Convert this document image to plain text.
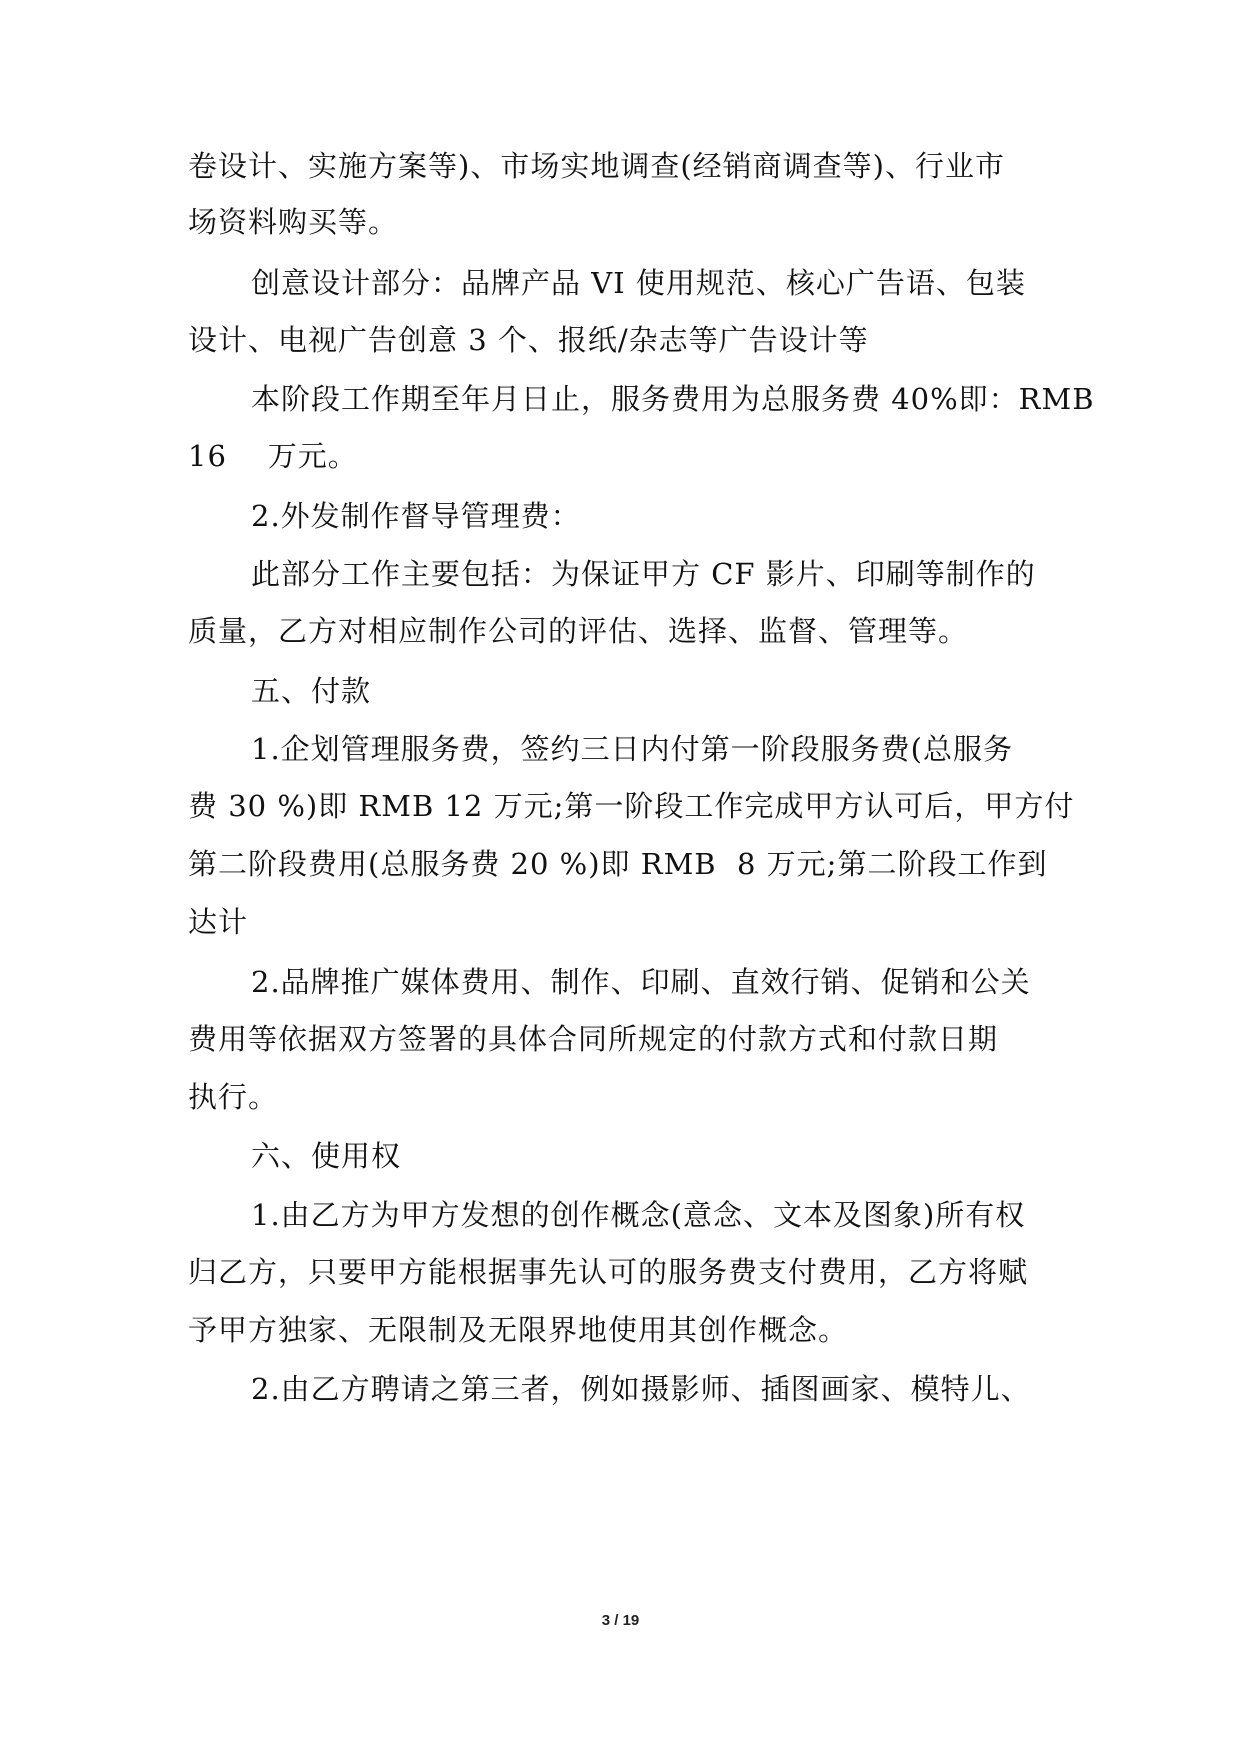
卷设计、实施方案等)、市场实地调查(经销商调查等)、行业市
场资料购买等。
创意设计部分：品牌产品 VI 使用规范、核心广告语、包装
设计、电视广告创意 3 个、报纸/杂志等广告设计等
本阶段工作期至年月日止，服务费用为总服务费 40%即：RMB
16    万元。
2.外发制作督导管理费：
此部分工作主要包括：为保证甲方 CF 影片、印刷等制作的
质量，乙方对相应制作公司的评估、选择、监督、管理等。
五、付款
1.企划管理服务费，签约三日内付第一阶段服务费(总服务
费 30 %)即 RMB 12 万元;第一阶段工作完成甲方认可后，甲方付
第二阶段费用(总服务费 20 %)即 RMB  8 万元;第二阶段工作到
达计
2.品牌推广媒体费用、制作、印刷、直效行销、促销和公关
费用等依据双方签署的具体合同所规定的付款方式和付款日期
执行。
六、使用权
1.由乙方为甲方发想的创作概念(意念、文本及图象)所有权
归乙方，只要甲方能根据事先认可的服务费支付费用，乙方将赋
予甲方独家、无限制及无限界地使用其创作概念。
2.由乙方聘请之第三者，例如摄影师、插图画家、模特儿、
3 / 19
